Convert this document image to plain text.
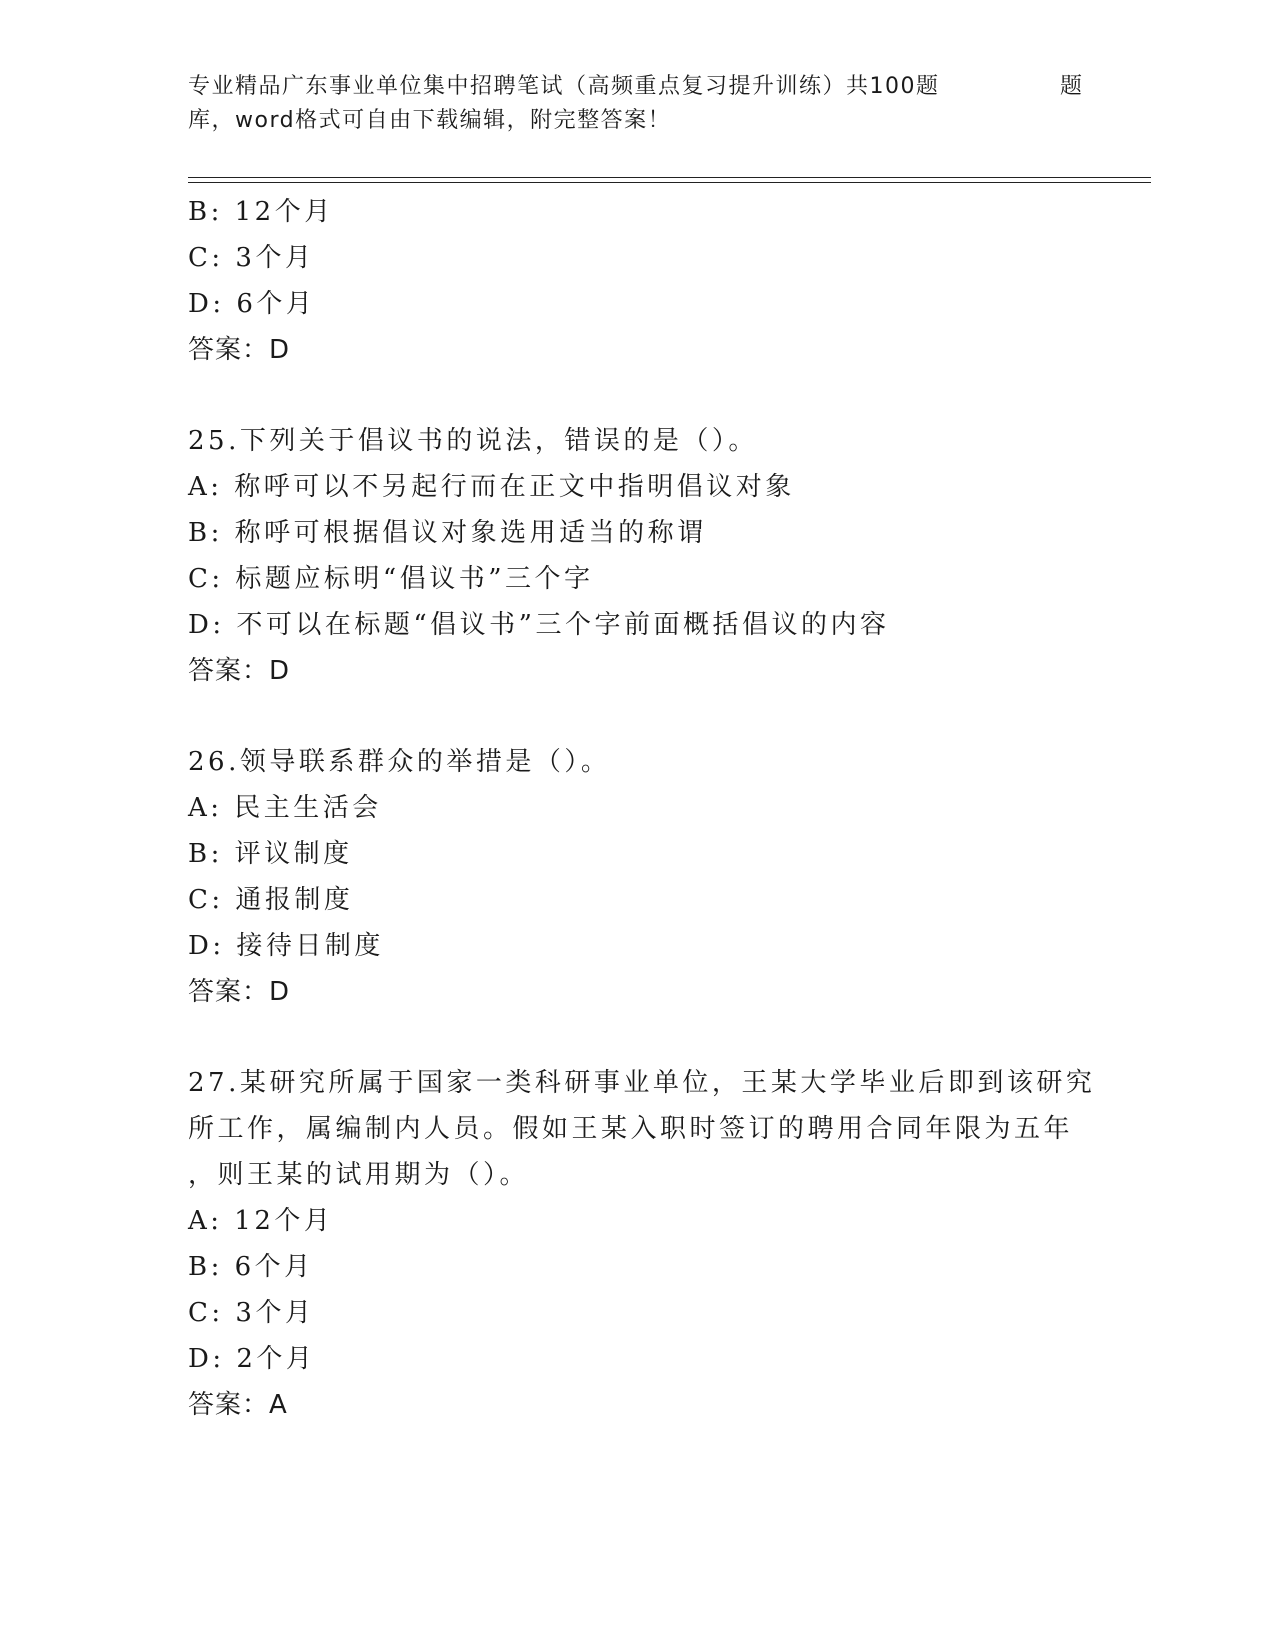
专业精品广东事业单位集中招聘笔试（高频重点复习提升训练）共100题	题
库，word格式可自由下载编辑，附完整答案！
B: 12个月
C: 3个月
D: 6个月
答案：D
25.下列关于倡议书的说法，错误的是（）。
A: 称呼可以不另起行而在正文中指明倡议对象
B: 称呼可根据倡议对象选用适当的称谓
C: 标题应标明“倡议书”三个字
D: 不可以在标题“倡议书”三个字前面概括倡议的内容
答案：D
26.领导联系群众的举措是（）。
A: 民主生活会
B: 评议制度
C: 通报制度
D: 接待日制度
答案：D
27.某研究所属于国家一类科研事业单位，王某大学毕业后即到该研究
所工作，属编制内人员。假如王某入职时签订的聘用合同年限为五年
，则王某的试用期为（）。
A: 12个月
B: 6个月
C: 3个月
D: 2个月
答案：A
